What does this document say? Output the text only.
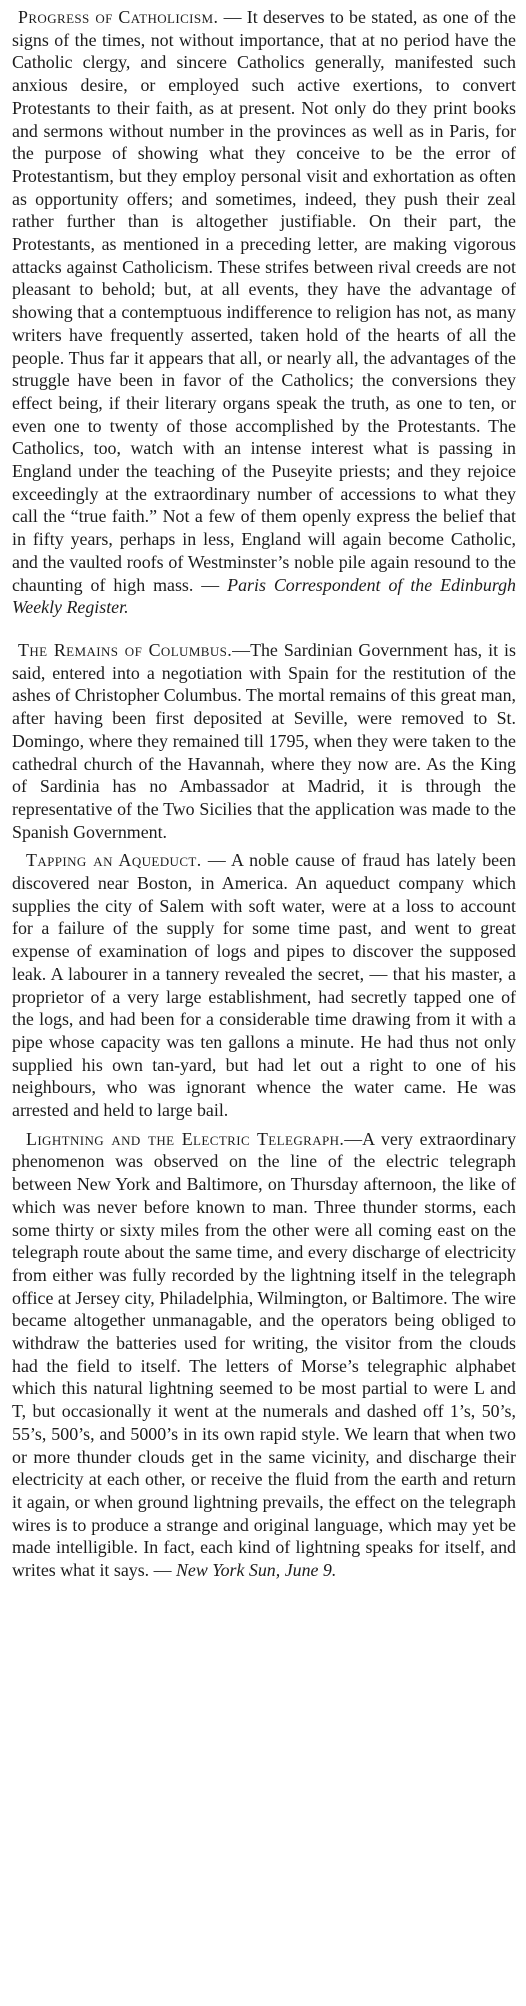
Progress of Catholicism. — It deserves to be stated, as one of the signs of the times, not without importance, that at no period have the Catholic clergy, and sincere Catholics generally, manifested such anxious desire, or employed such active exertions, to convert Protestants to their faith, as at present. Not only do they print books and sermons without number in the provinces as well as in Paris, for the purpose of showing what they conceive to be the error of Protestantism, but they employ personal visit and exhortation as often as opportunity offers; and sometimes, indeed, they push their zeal rather further than is altogether justifiable. On their part, the Protestants, as mentioned in a preceding letter, are making vigorous attacks against Catholicism. These strifes between rival creeds are not pleasant to behold; but, at all events, they have the advantage of showing that a contemptuous indifference to religion has not, as many writers have frequently asserted, taken hold of the hearts of all the people. Thus far it appears that all, or nearly all, the advantages of the struggle have been in favor of the Catholics; the conversions they effect being, if their literary organs speak the truth, as one to ten, or even one to twenty of those accomplished by the Protestants. The Catholics, too, watch with an intense interest what is passing in England under the teaching of the Puseyite priests; and they rejoice exceedingly at the extraordinary number of accessions to what they call the “true faith.” Not a few of them openly express the belief that in fifty years, perhaps in less, England will again become Catholic, and the vaulted roofs of Westminster’s noble pile again resound to the chaunting of high mass. — Paris Correspondent of the Edinburgh Weekly Register.

The Remains of Columbus.—The Sardinian Government has, it is said, entered into a negotiation with Spain for the restitution of the ashes of Christopher Columbus. The mortal remains of this great man, after having been first deposited at Seville, were removed to St. Domingo, where they remained till 1795, when they were taken to the cathedral church of the Havannah, where they now are. As the King of Sardinia has no Ambassador at Madrid, it is through the representative of the Two Sicilies that the application was made to the Spanish Government.

Tapping an Aqueduct. — A noble cause of fraud has lately been discovered near Boston, in America. An aqueduct company which supplies the city of Salem with soft water, were at a loss to account for a failure of the supply for some time past, and went to great expense of examination of logs and pipes to discover the supposed leak. A labourer in a tannery revealed the secret, — that his master, a proprietor of a very large establishment, had secretly tapped one of the logs, and had been for a considerable time drawing from it with a pipe whose capacity was ten gallons a minute. He had thus not only supplied his own tan-yard, but had let out a right to one of his neighbours, who was ignorant whence the water came. He was arrested and held to large bail.

Lightning and the Electric Telegraph.—A very extraordinary phenomenon was observed on the line of the electric telegraph between New York and Baltimore, on Thursday afternoon, the like of which was never before known to man. Three thunder storms, each some thirty or sixty miles from the other were all coming east on the telegraph route about the same time, and every discharge of electricity from either was fully recorded by the lightning itself in the telegraph office at Jersey city, Philadelphia, Wilmington, or Baltimore. The wire became altogether unmanagable, and the operators being obliged to withdraw the batteries used for writing, the visitor from the clouds had the field to itself. The letters of Morse’s telegraphic alphabet which this natural lightning seemed to be most partial to were L and T, but occasionally it went at the numerals and dashed off 1’s, 50’s, 55’s, 500’s, and 5000’s in its own rapid style. We learn that when two or more thunder clouds get in the same vicinity, and discharge their electricity at each other, or receive the fluid from the earth and return it again, or when ground lightning prevails, the effect on the telegraph wires is to produce a strange and original language, which may yet be made intelligible. In fact, each kind of lightning speaks for itself, and writes what it says. — New York Sun, June 9.
